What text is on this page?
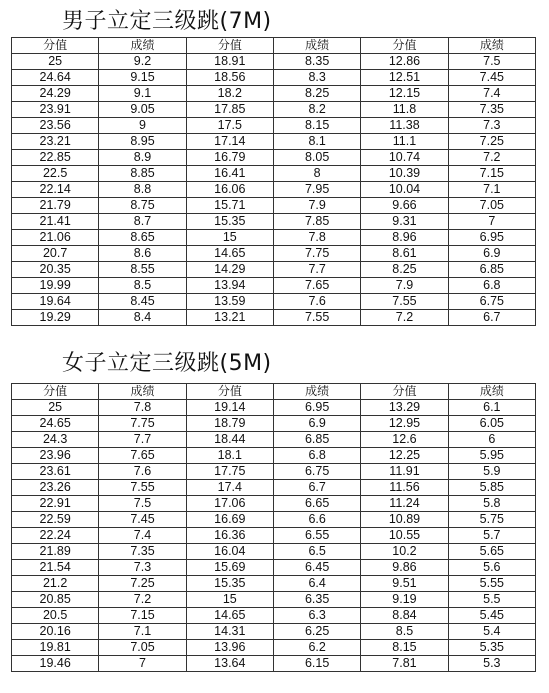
男子立定三级跳(7M)
分值	成绩	分值	成绩	分值	成绩
25	9.2	18.91	8.35	12.86	7.5
24.64	9.15	18.56	8.3	12.51	7.45
24.29	9.1	18.2	8.25	12.15	7.4
23.91	9.05	17.85	8.2	11.8	7.35
23.56	9	17.5	8.15	11.38	7.3
23.21	8.95	17.14	8.1	11.1	7.25
22.85	8.9	16.79	8.05	10.74	7.2
22.5	8.85	16.41	8	10.39	7.15
22.14	8.8	16.06	7.95	10.04	7.1
21.79	8.75	15.71	7.9	9.66	7.05
21.41	8.7	15.35	7.85	9.31	7
21.06	8.65	15	7.8	8.96	6.95
20.7	8.6	14.65	7.75	8.61	6.9
20.35	8.55	14.29	7.7	8.25	6.85
19.99	8.5	13.94	7.65	7.9	6.8
19.64	8.45	13.59	7.6	7.55	6.75
19.29	8.4	13.21	7.55	7.2	6.7
女子立定三级跳(5M)
分值	成绩	分值	成绩	分值	成绩
25	7.8	19.14	6.95	13.29	6.1
24.65	7.75	18.79	6.9	12.95	6.05
24.3	7.7	18.44	6.85	12.6	6
23.96	7.65	18.1	6.8	12.25	5.95
23.61	7.6	17.75	6.75	11.91	5.9
23.26	7.55	17.4	6.7	11.56	5.85
22.91	7.5	17.06	6.65	11.24	5.8
22.59	7.45	16.69	6.6	10.89	5.75
22.24	7.4	16.36	6.55	10.55	5.7
21.89	7.35	16.04	6.5	10.2	5.65
21.54	7.3	15.69	6.45	9.86	5.6
21.2	7.25	15.35	6.4	9.51	5.55
20.85	7.2	15	6.35	9.19	5.5
20.5	7.15	14.65	6.3	8.84	5.45
20.16	7.1	14.31	6.25	8.5	5.4
19.81	7.05	13.96	6.2	8.15	5.35
19.46	7	13.64	6.15	7.81	5.3
